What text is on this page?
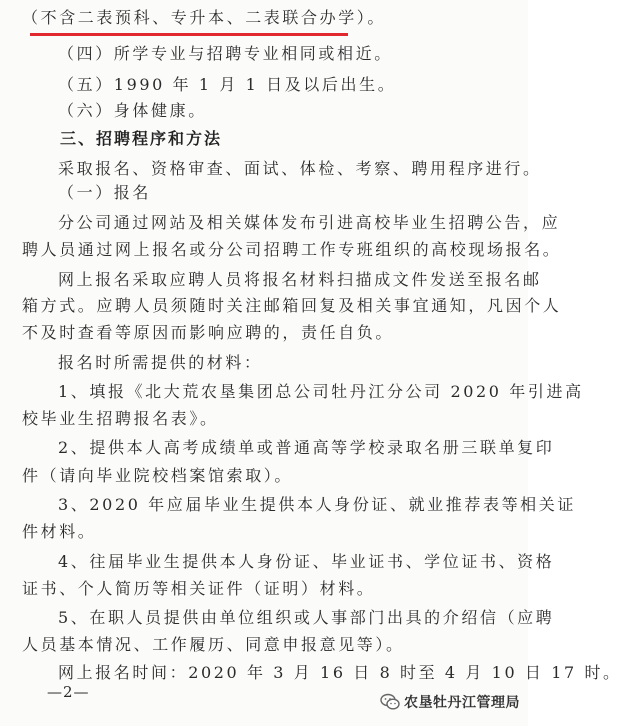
（不含二表预科、专升本、二表联合办学）。
（四）所学专业与招聘专业相同或相近。
（五）1990 年 1 月 1 日及以后出生。
（六）身体健康。
三、招聘程序和方法
采取报名、资格审查、面试、体检、考察、聘用程序进行。
（一）报名
分公司通过网站及相关媒体发布引进高校毕业生招聘公告，应
聘人员通过网上报名或分公司招聘工作专班组织的高校现场报名。
网上报名采取应聘人员将报名材料扫描成文件发送至报名邮
箱方式。应聘人员须随时关注邮箱回复及相关事宜通知，凡因个人
不及时查看等原因而影响应聘的，责任自负。
报名时所需提供的材料：
1、填报《北大荒农垦集团总公司牡丹江分公司 2020 年引进高
校毕业生招聘报名表》。
2、提供本人高考成绩单或普通高等学校录取名册三联单复印
件（请向毕业院校档案馆索取）。
3、2020 年应届毕业生提供本人身份证、就业推荐表等相关证
件材料。
4、往届毕业生提供本人身份证、毕业证书、学位证书、资格
证书、个人简历等相关证件（证明）材料。
5、在职人员提供由单位组织或人事部门出具的介绍信（应聘
人员基本情况、工作履历、同意申报意见等）。
网上报名时间：2020 年 3 月 16 日 8 时至 4 月 10 日 17 时。
—2—
农垦牡丹江管理局
